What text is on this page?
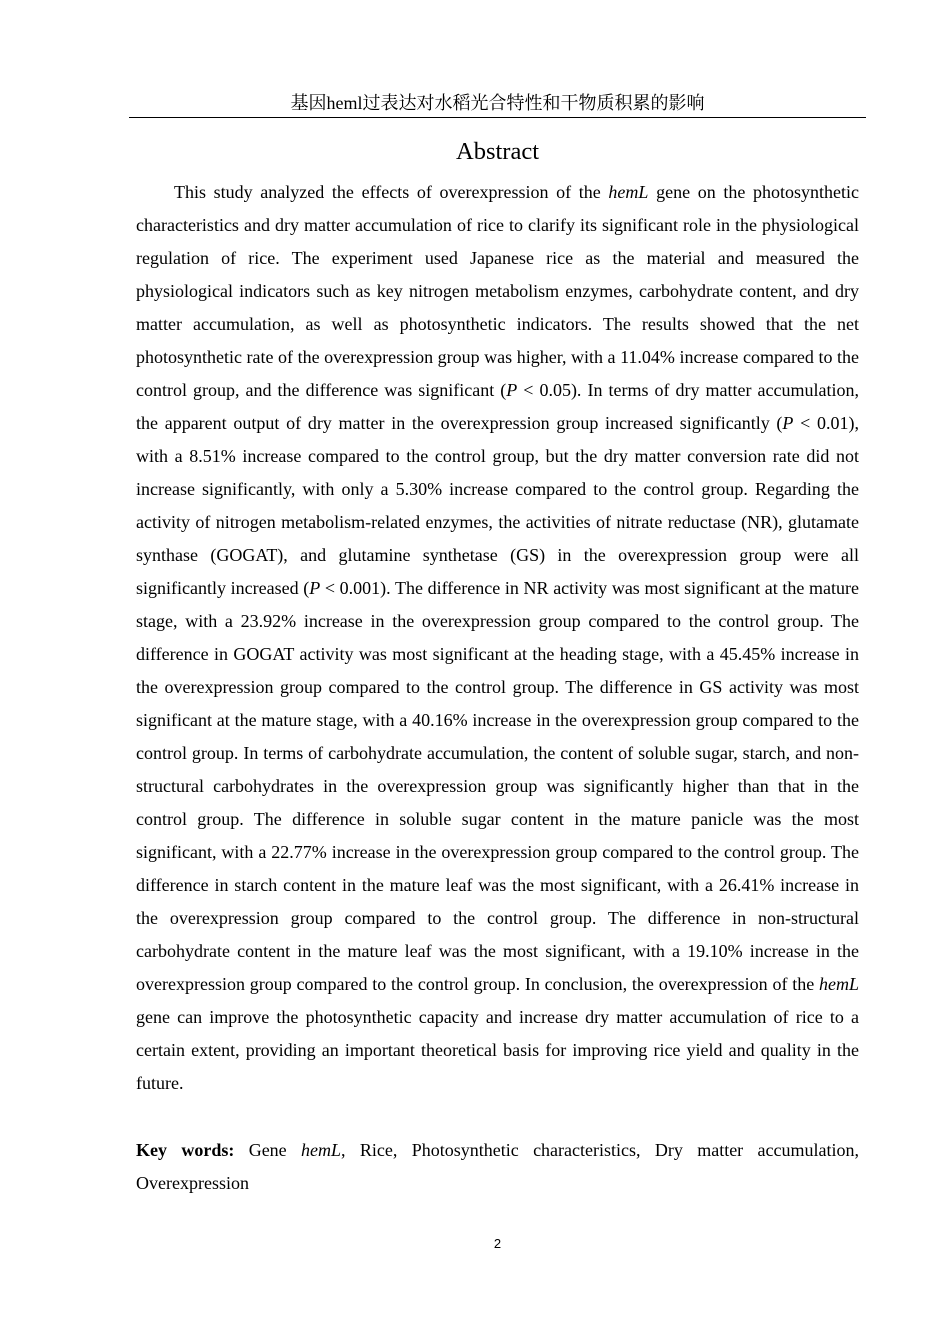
基因heml过表达对水稻光合特性和干物质积累的影响
Abstract

This study analyzed the effects of overexpression of the hemL gene on the photosynthetic characteristics and dry matter accumulation of rice to clarify its significant role in the physiological regulation of rice. The experiment used Japanese rice as the material and measured the physiological indicators such as key nitrogen metabolism enzymes, carbohydrate content, and dry matter accumulation, as well as photosynthetic indicators. The results showed that the net photosynthetic rate of the overexpression group was higher, with a 11.04% increase compared to the control group, and the difference was significant (P < 0.05). In terms of dry matter accumulation, the apparent output of dry matter in the overexpression group increased significantly (P < 0.01), with a 8.51% increase compared to the control group, but the dry matter conversion rate did not increase significantly, with only a 5.30% increase compared to the control group. Regarding the activity of nitrogen metabolism-related enzymes, the activities of nitrate reductase (NR), glutamate synthase (GOGAT), and glutamine synthetase (GS) in the overexpression group were all significantly increased (P < 0.001). The difference in NR activity was most significant at the mature stage, with a 23.92% increase in the overexpression group compared to the control group. The difference in GOGAT activity was most significant at the heading stage, with a 45.45% increase in the overexpression group compared to the control group. The difference in GS activity was most significant at the mature stage, with a 40.16% increase in the overexpression group compared to the control group. In terms of carbohydrate accumulation, the content of soluble sugar, starch, and non-structural carbohydrates in the overexpression group was significantly higher than that in the control group. The difference in soluble sugar content in the mature panicle was the most significant, with a 22.77% increase in the overexpression group compared to the control group. The difference in starch content in the mature leaf was the most significant, with a 26.41% increase in the overexpression group compared to the control group. The difference in non-structural carbohydrate content in the mature leaf was the most significant, with a 19.10% increase in the overexpression group compared to the control group. In conclusion, the overexpression of the hemL gene can improve the photosynthetic capacity and increase dry matter accumulation of rice to a certain extent, providing an important theoretical basis for improving rice yield and quality in the future.

Key words: Gene hemL, Rice, Photosynthetic characteristics, Dry matter accumulation, Overexpression

2
